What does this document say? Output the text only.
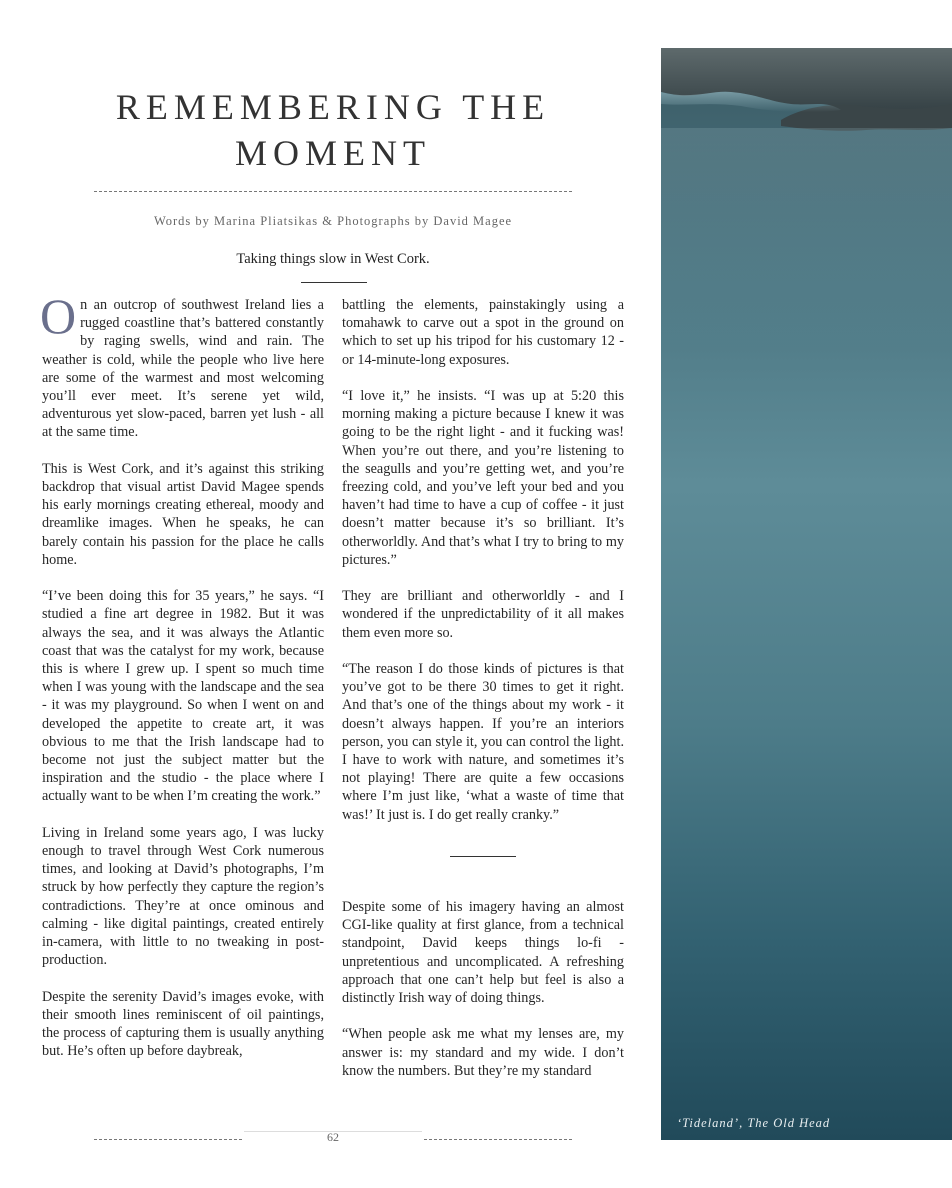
REMEMBERING THE
MOMENT
Words by Marina Pliatsikas & Photographs by David Magee
Taking things slow in West Cork.

On an outcrop of southwest Ireland lies a rugged coastline that’s battered constantly by raging swells, wind and rain. The weather is cold, while the people who live here are some of the warmest and most welcoming you’ll ever meet. It’s serene yet wild, adventurous yet slow-paced, barren yet lush - all at the same time.

This is West Cork, and it’s against this striking backdrop that visual artist David Magee spends his early mornings creating ethereal, moody and dreamlike images. When he speaks, he can barely contain his passion for the place he calls home.

“I’ve been doing this for 35 years,” he says. “I studied a fine art degree in 1982. But it was always the sea, and it was always the Atlantic coast that was the catalyst for my work, because this is where I grew up. I spent so much time when I was young with the landscape and the sea - it was my playground. So when I went on and developed the appetite to create art, it was obvious to me that the Irish landscape had to become not just the subject matter but the inspiration and the studio - the place where I actually want to be when I’m creating the work.”

Living in Ireland some years ago, I was lucky enough to travel through West Cork numerous times, and looking at David’s photographs, I’m struck by how perfectly they capture the region’s contradictions. They’re at once ominous and calming - like digital paintings, created entirely in-camera, with little to no tweaking in post-production.

Despite the serenity David’s images evoke, with their smooth lines reminiscent of oil paintings, the process of capturing them is usually anything but. He’s often up before daybreak,

battling the elements, painstakingly using a tomahawk to carve out a spot in the ground on which to set up his tripod for his customary 12 - or 14-minute-long exposures.

“I love it,” he insists. “I was up at 5:20 this morning making a picture because I knew it was going to be the right light - and it fucking was! When you’re out there, and you’re listening to the seagulls and you’re getting wet, and you’re freezing cold, and you’ve left your bed and you haven’t had time to have a cup of coffee - it just doesn’t matter because it’s so brilliant. It’s otherworldly. And that’s what I try to bring to my pictures.”

They are brilliant and otherworldly - and I wondered if the unpredictability of it all makes them even more so.

“The reason I do those kinds of pictures is that you’ve got to be there 30 times to get it right. And that’s one of the things about my work - it doesn’t always happen. If you’re an interiors person, you can style it, you can control the light. I have to work with nature, and sometimes it’s not playing! There are quite a few occasions where I’m just like, ‘what a waste of time that was!’ It just is. I do get really cranky.”

Despite some of his imagery having an almost CGI-like quality at first glance, from a technical standpoint, David keeps things lo-fi - unpretentious and uncomplicated. A refreshing approach that one can’t help but feel is also a distinctly Irish way of doing things.

“When people ask me what my lenses are, my answer is: my standard and my wide. I don’t know the numbers. But they’re my standard

‘Tideland’, The Old Head
62
